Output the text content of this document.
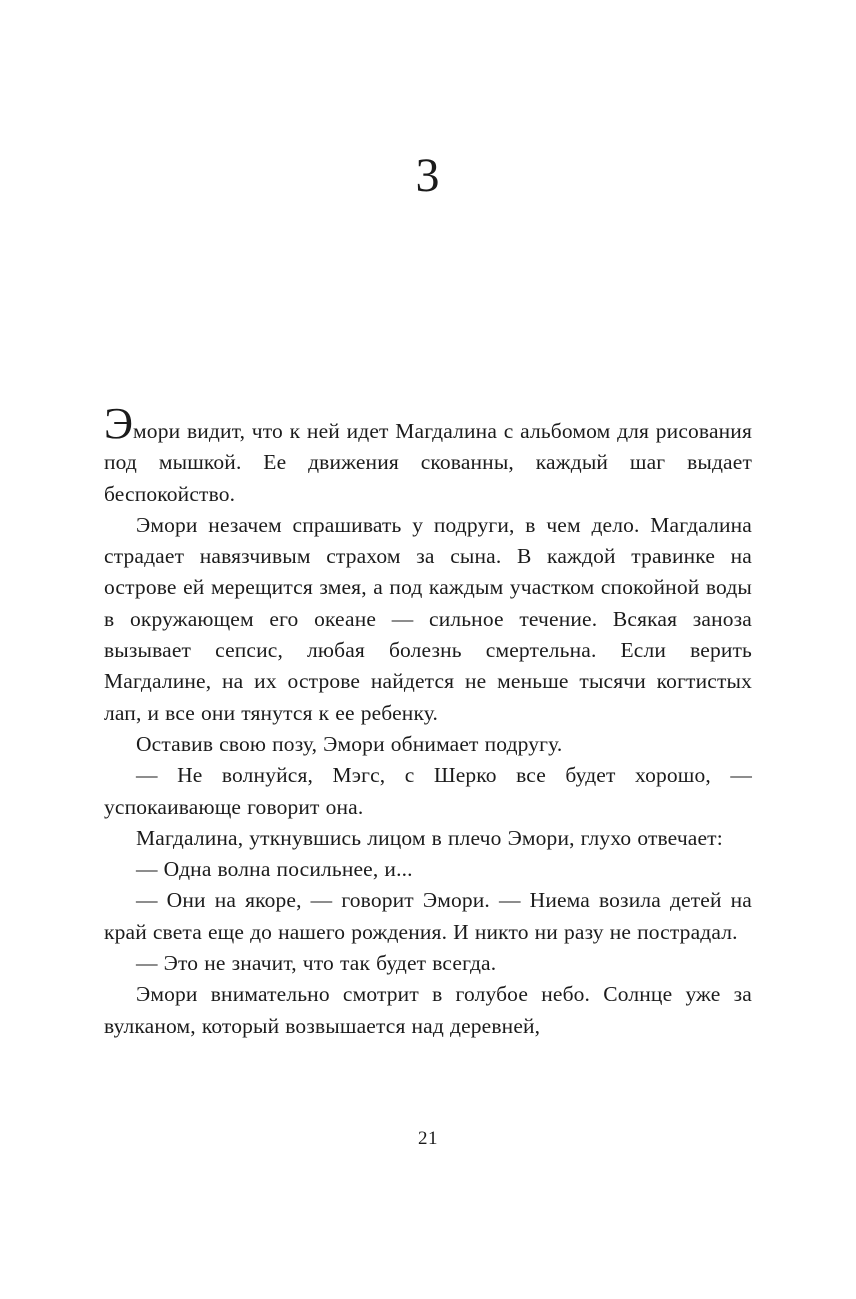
3

Эмори видит, что к ней идет Магдалина с альбомом для рисования под мышкой. Ее движения скованны, каждый шаг выдает беспокойство.

Эмори незачем спрашивать у подруги, в чем дело. Магдалина страдает навязчивым страхом за сына. В каждой травинке на острове ей мерещится змея, а под каждым участком спокойной воды в окружающем его океане — сильное течение. Всякая заноза вызывает сепсис, любая болезнь смертельна. Если верить Магдалине, на их острове найдется не меньше тысячи когтистых лап, и все они тянутся к ее ребенку.

Оставив свою позу, Эмори обнимает подругу.

— Не волнуйся, Мэгс, с Шерко все будет хорошо, — успокаивающе говорит она.

Магдалина, уткнувшись лицом в плечо Эмори, глухо отвечает:

— Одна волна посильнее, и...

— Они на якоре, — говорит Эмори. — Ниема возила детей на край света еще до нашего рождения. И никто ни разу не пострадал.

— Это не значит, что так будет всегда.

Эмори внимательно смотрит в голубое небо. Солнце уже за вулканом, который возвышается над деревней,

21
